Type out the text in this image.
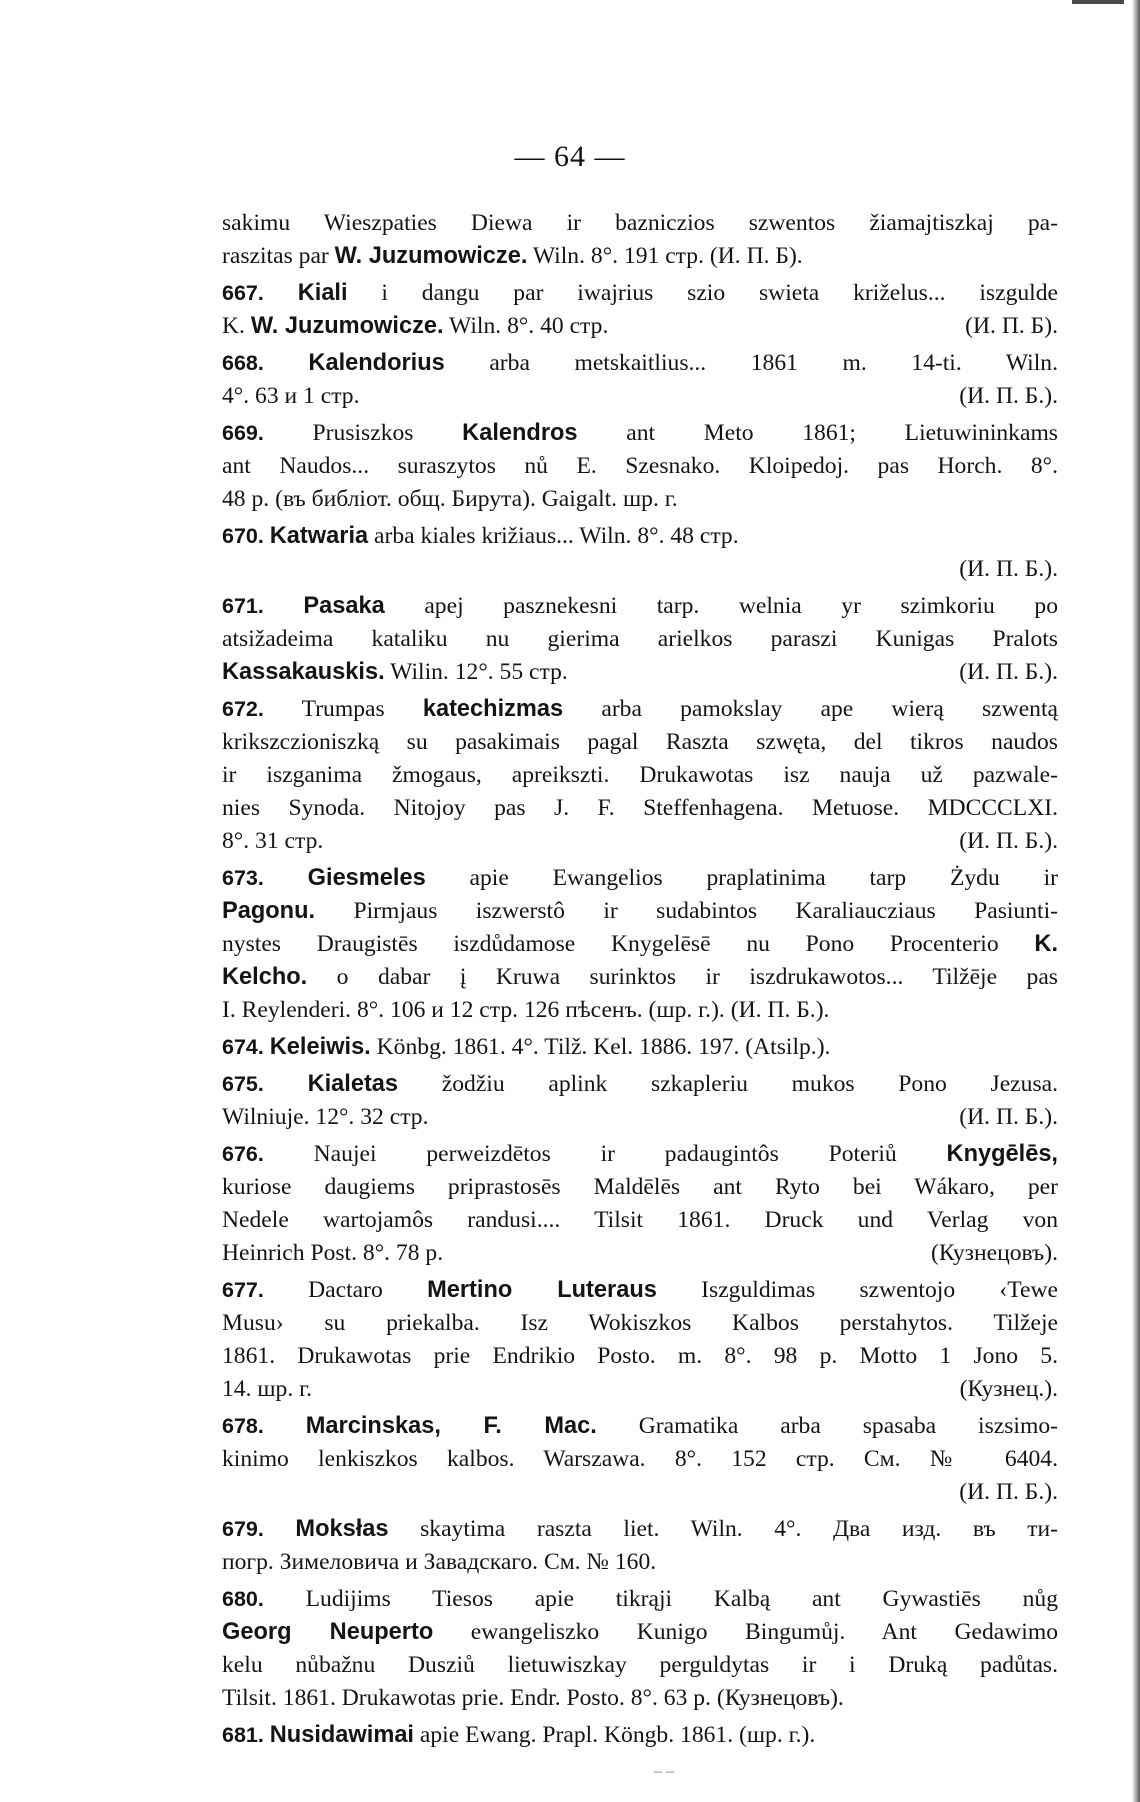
— 64 —
sakimu Wieszpaties Diewa ir bazniczios szwentos žiamajtiszkaj pa-
raszitas par W. Juzumowicze. Wiln. 8°. 191 стр. (И. П. Б).
667. Kiali i dangu par iwajrius szio swieta križelus... iszgulde
K. W. Juzumowicze. Wiln. 8°. 40 стр.	(И. П. Б).
668. Kalendorius arba metskaitlius... 1861 m. 14-ti. Wiln.
4°. 63 и 1 стр.	(И. П. Б.).
669. Prusiszkos Kalendros ant Meto 1861; Lietuwininkams
ant Naudos... suraszytos nů E. Szesnako. Kloipedoj. pas Horch. 8°.
48 p. (въ библіот. общ. Бирута). Gaigalt. шр. г.
670. Katwaria arba kiales križiaus... Wiln. 8°. 48 стр.
(И. П. Б.).
671. Pasaka apej pasznekesni tarp. welnia yr szimkoriu po
atsižadeima kataliku nu gierima arielkos paraszi Kunigas Pralots
Kassakauskis. Wilin. 12°. 55 стр.	(И. П. Б.).
672. Trumpas katechizmas arba pamokslay ape wierą szwentą
krikszczioniszką su pasakimais pagal Raszta szwęta, del tikros naudos
ir iszganima žmogaus, apreikszti. Drukawotas isz nauja už pazwale-
nies Synoda. Nitojoy pas J. F. Steffenhagena. Metuose. MDCCCLXI.
8°. 31 стр.	(И. П. Б.).
673. Giesmeles apie Ewangelios praplatinima tarp Żydu ir
Pagonu. Pirmjaus iszwerstô ir sudabintos Karaliaucziaus Pasiunti-
nystes Draugistēs iszdůdamose Knygelēsē nu Pono Procenterio K.
Kelcho. o dabar į Kruwa surinktos ir iszdrukawotos... Tilžēje pas
I. Reylenderi. 8°. 106 и 12 стр. 126 пѣсенъ. (шр. г.). (И. П. Б.).
674. Keleiwis. Könbg. 1861. 4°. Tilž. Kel. 1886. 197. (Atsilp.).
675. Kialetas žodžiu aplink szkapleriu mukos Pono Jezusa.
Wilniuje. 12°. 32 стр.	(И. П. Б.).
676. Naujei perweizdētos ir padaugintôs Poteriů Knygēlēs,
kuriose daugiems priprastosēs Maldēlēs ant Ryto bei Wákaro, per
Nedele wartojamôs randusi.... Tilsit 1861. Druck und Verlag von
Heinrich Post. 8°. 78 p.	(Кузнецовъ).
677. Dactaro Mertino Luteraus Iszguldimas szwentojo ‹Tewe
Musu› su priekalba. Isz Wokiszkos Kalbos perstahytos. Tilžeje
1861. Drukawotas prie Endrikio Posto. m. 8°. 98 p. Motto 1 Jono 5.
14. шр. г.	(Кузнец.).
678. Marcinskas, F. Mac. Gramatika arba spasaba iszsimo-
kinimo lenkiszkos kalbos. Warszawa. 8°. 152 стр. См. № 6404.
(И. П. Б.).
679. Moksłas skaytima raszta liet. Wiln. 4°. Два изд. въ ти-
погр. Зимеловича и Завадскаго. См. № 160.
680. Ludijims Tiesos apie tikrąji Kalbą ant Gywastiēs nůg
Georg Neuperto ewangeliszko Kunigo Bingumůj. Ant Gedawimo
kelu nůbažnu Dusziů lietuwiszkay perguldytas ir i Druką padůtas.
Tilsit. 1861. Drukawotas prie. Endr. Posto. 8°. 63 p. (Кузнецовъ).
681. Nusidawimai apie Ewang. Prapl. Köngb. 1861. (шр. г.).
– –
